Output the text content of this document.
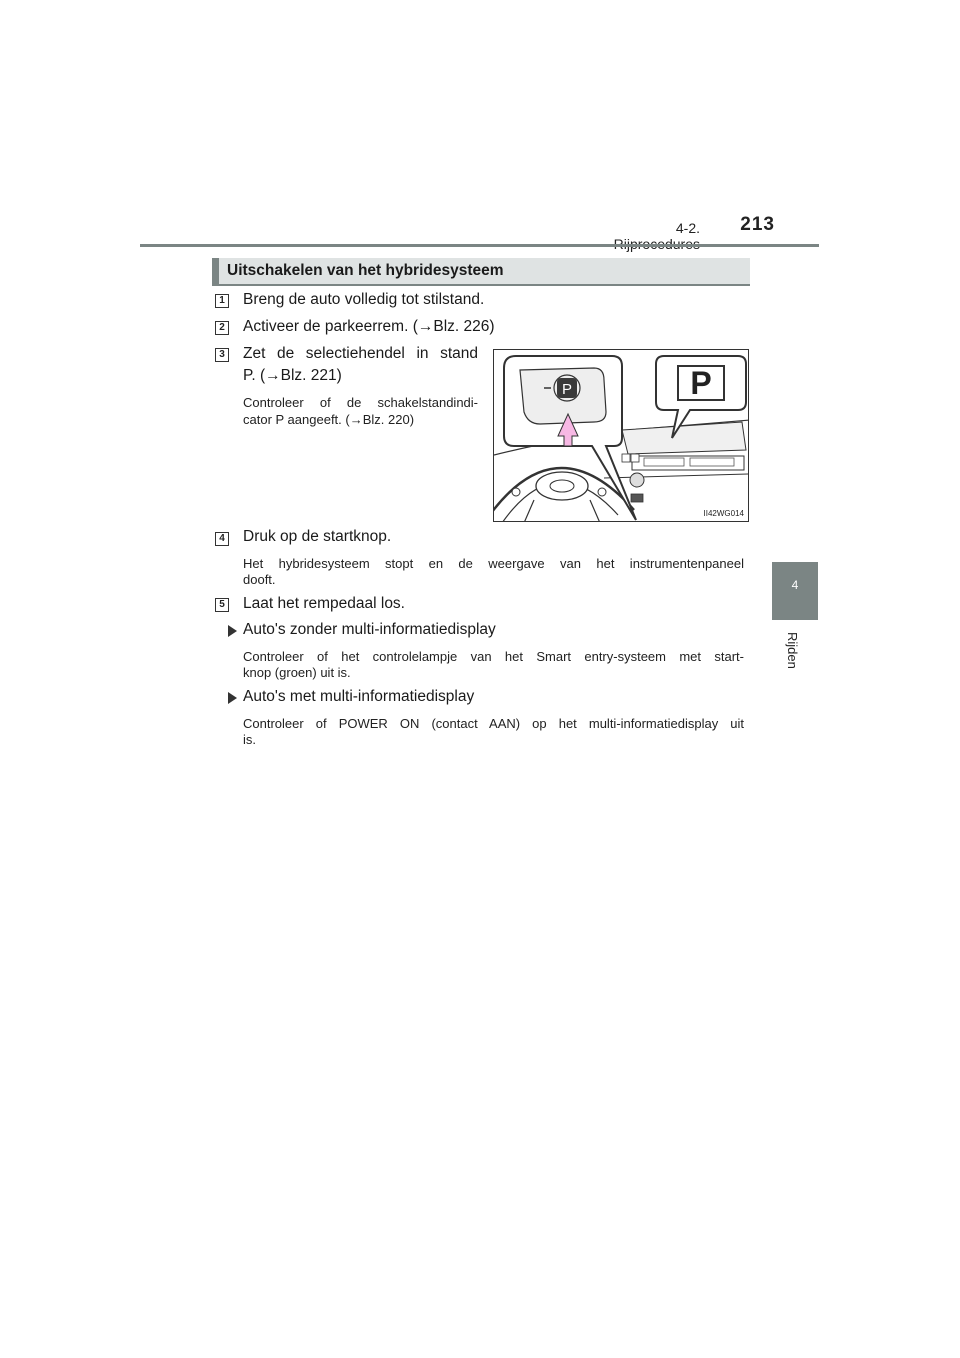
4-2.	213
4
Rijden
Uitschakelen van het hybridesysteem
1 Breng de auto volledig tot stilstand.
2 Activeer de parkeerrem. (→Blz. 226)
3 Zet de selectiehendel in stand
P. (→Blz. 221)
Controleer of de schakelstandindi-
cator P aangeeft. (→Blz. 220)
P	P
II42WG014
4 Druk op de startknop.
Het hybridesysteem stopt en de weergave van het instrumentenpaneel
dooft.
5 Laat het rempedaal los.
Auto's zonder multi-informatiedisplay
Controleer of het controlelampje van het Smart entry-systeem met start-
knop (groen) uit is.
Auto's met multi-informatiedisplay
Controleer of POWER ON (contact AAN) op het multi-informatiedisplay uit
is.
